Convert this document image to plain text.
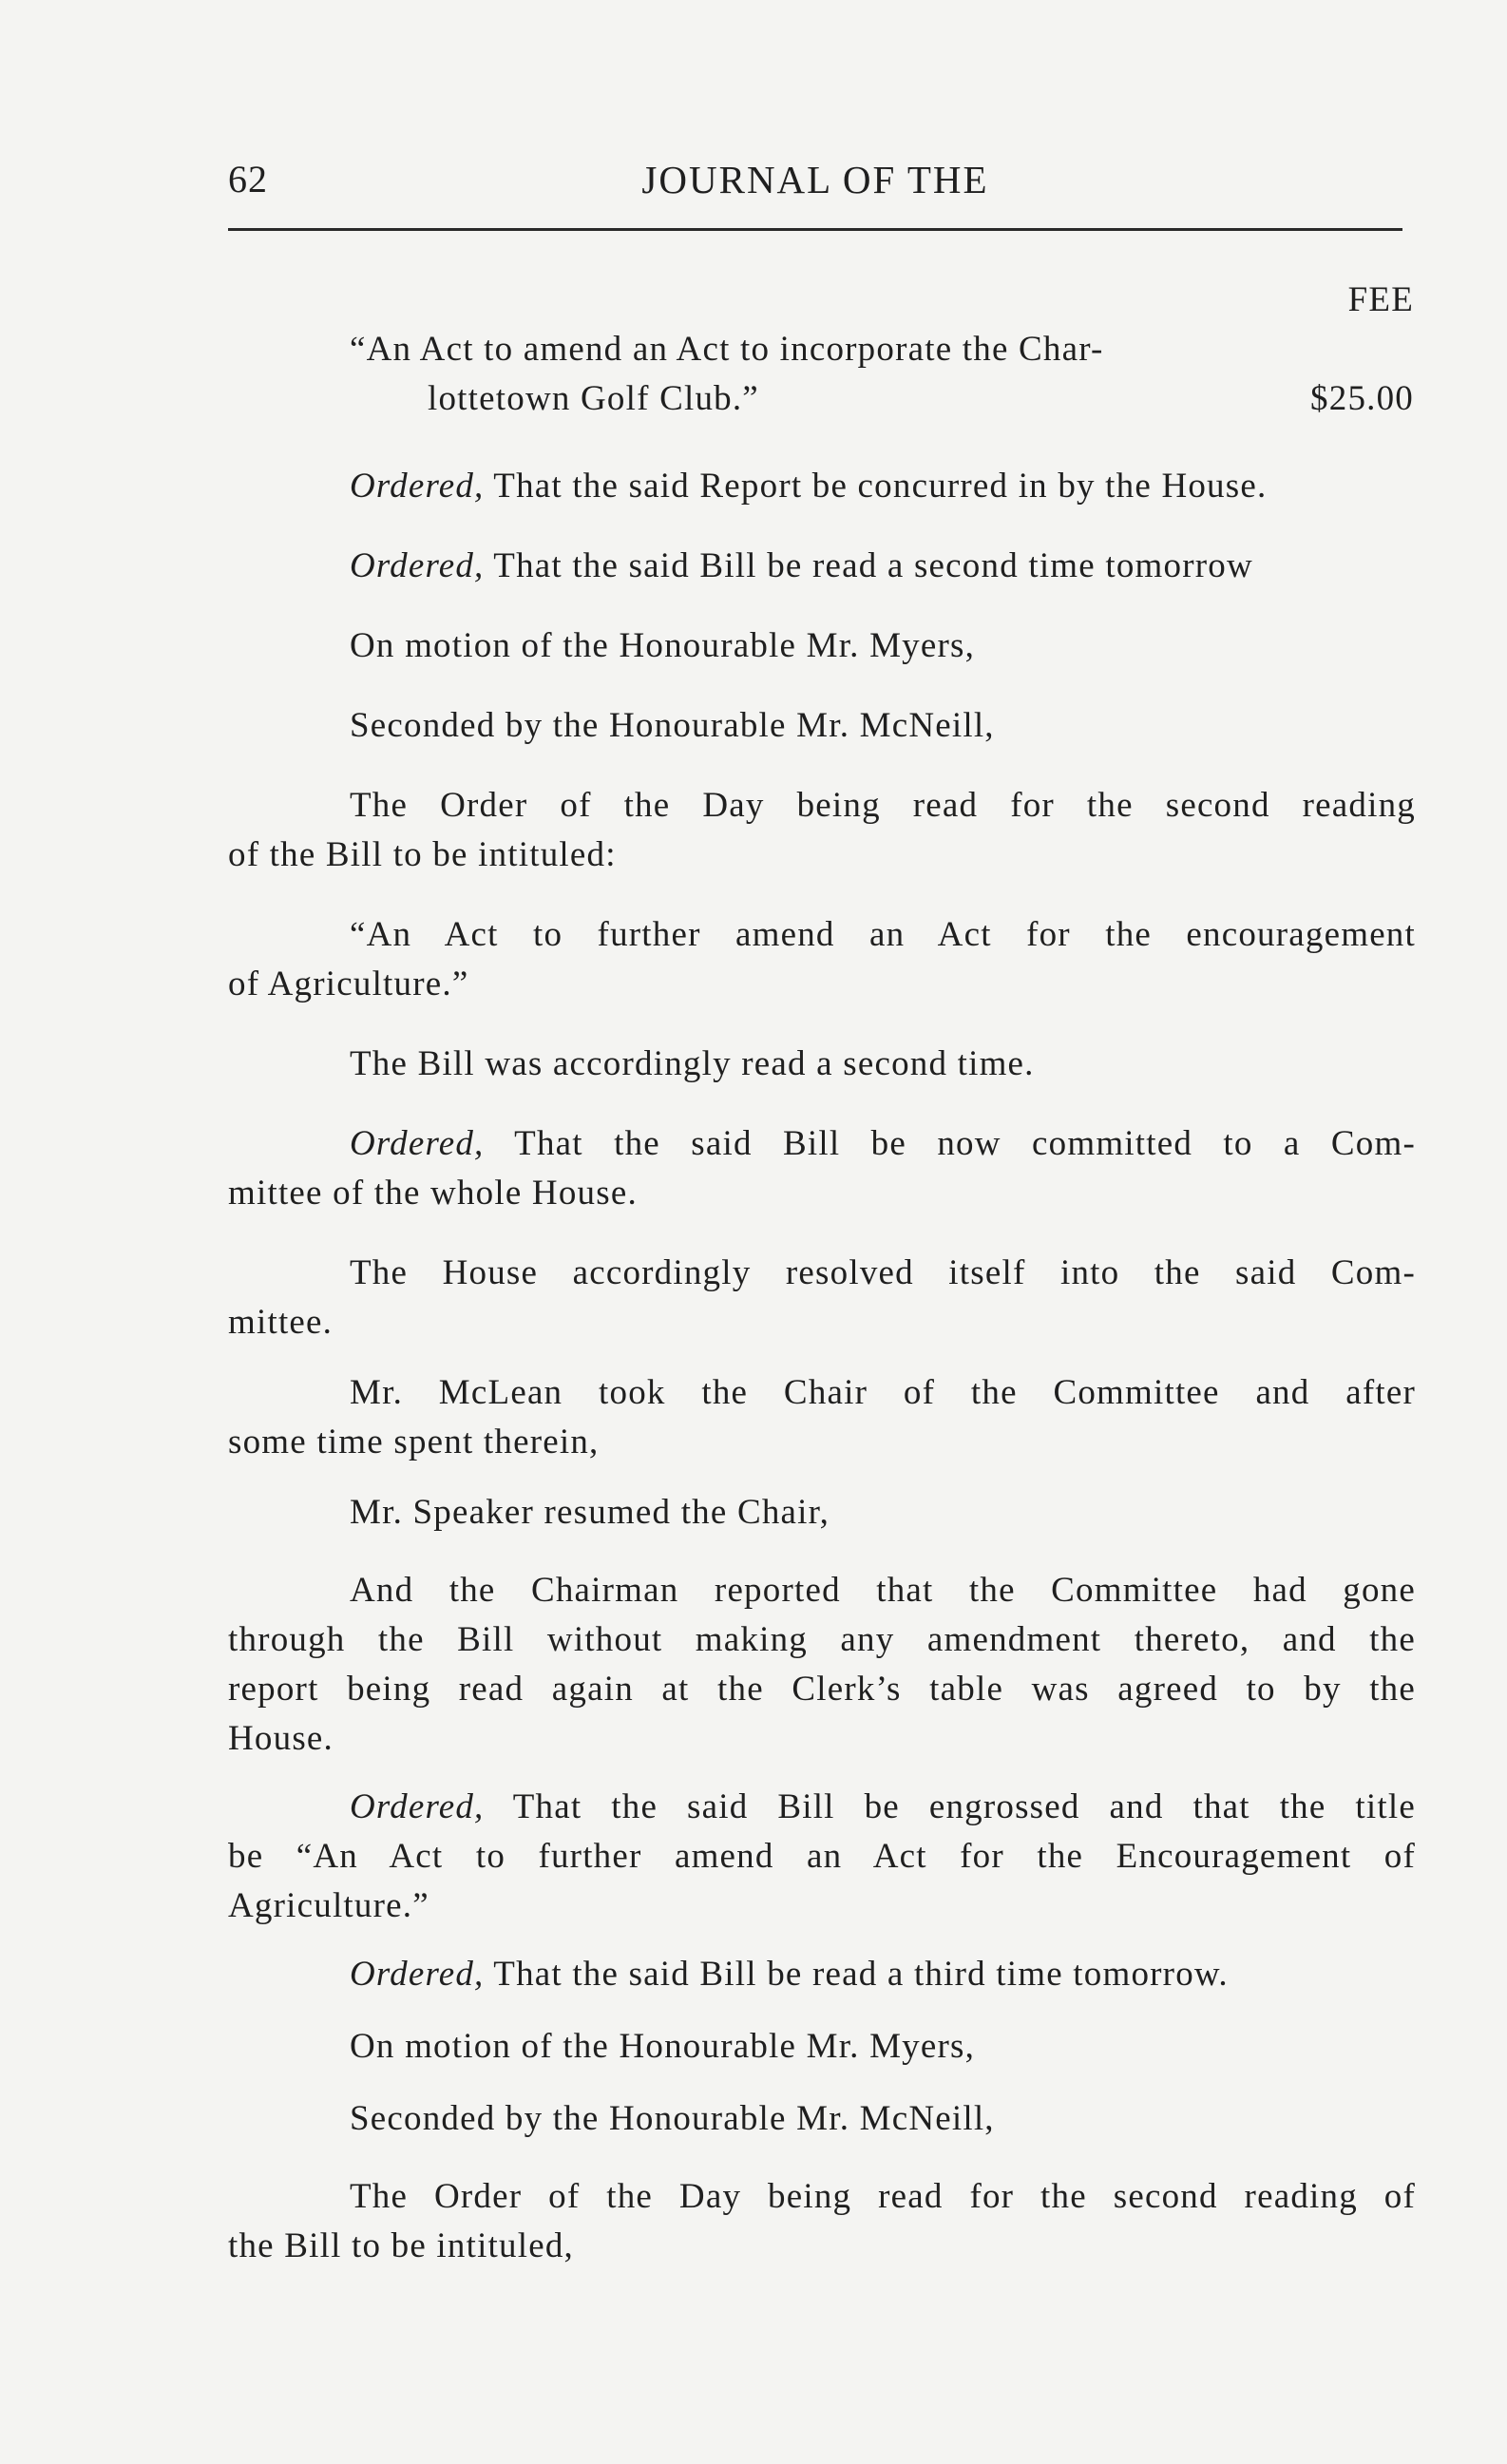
62	JOURNAL OF THE
FEE
“An Act to amend an Act to incorporate the Char-
lottetown Golf Club.”	$25.00
Ordered, That the said Report be concurred in by the House.
Ordered, That the said Bill be read a second time tomorrow
On motion of the Honourable Mr. Myers,
Seconded by the Honourable Mr. McNeill,
The Order of the Day being read for the second reading
of the Bill to be intituled:
“An Act to further amend an Act for the encouragement
of Agriculture.”
The Bill was accordingly read a second time.
Ordered, That the said Bill be now committed to a Com-
mittee of the whole House.
The House accordingly resolved itself into the said Com-
mittee.
Mr. McLean took the Chair of the Committee and after
some time spent therein,
Mr. Speaker resumed the Chair,
And the Chairman reported that the Committee had gone
through the Bill without making any amendment thereto, and the
report being read again at the Clerk’s table was agreed to by the
House.
Ordered, That the said Bill be engrossed and that the title
be “An Act to further amend an Act for the Encouragement of
Agriculture.”
Ordered, That the said Bill be read a third time tomorrow.
On motion of the Honourable Mr. Myers,
Seconded by the Honourable Mr. McNeill,
The Order of the Day being read for the second reading of
the Bill to be intituled,
